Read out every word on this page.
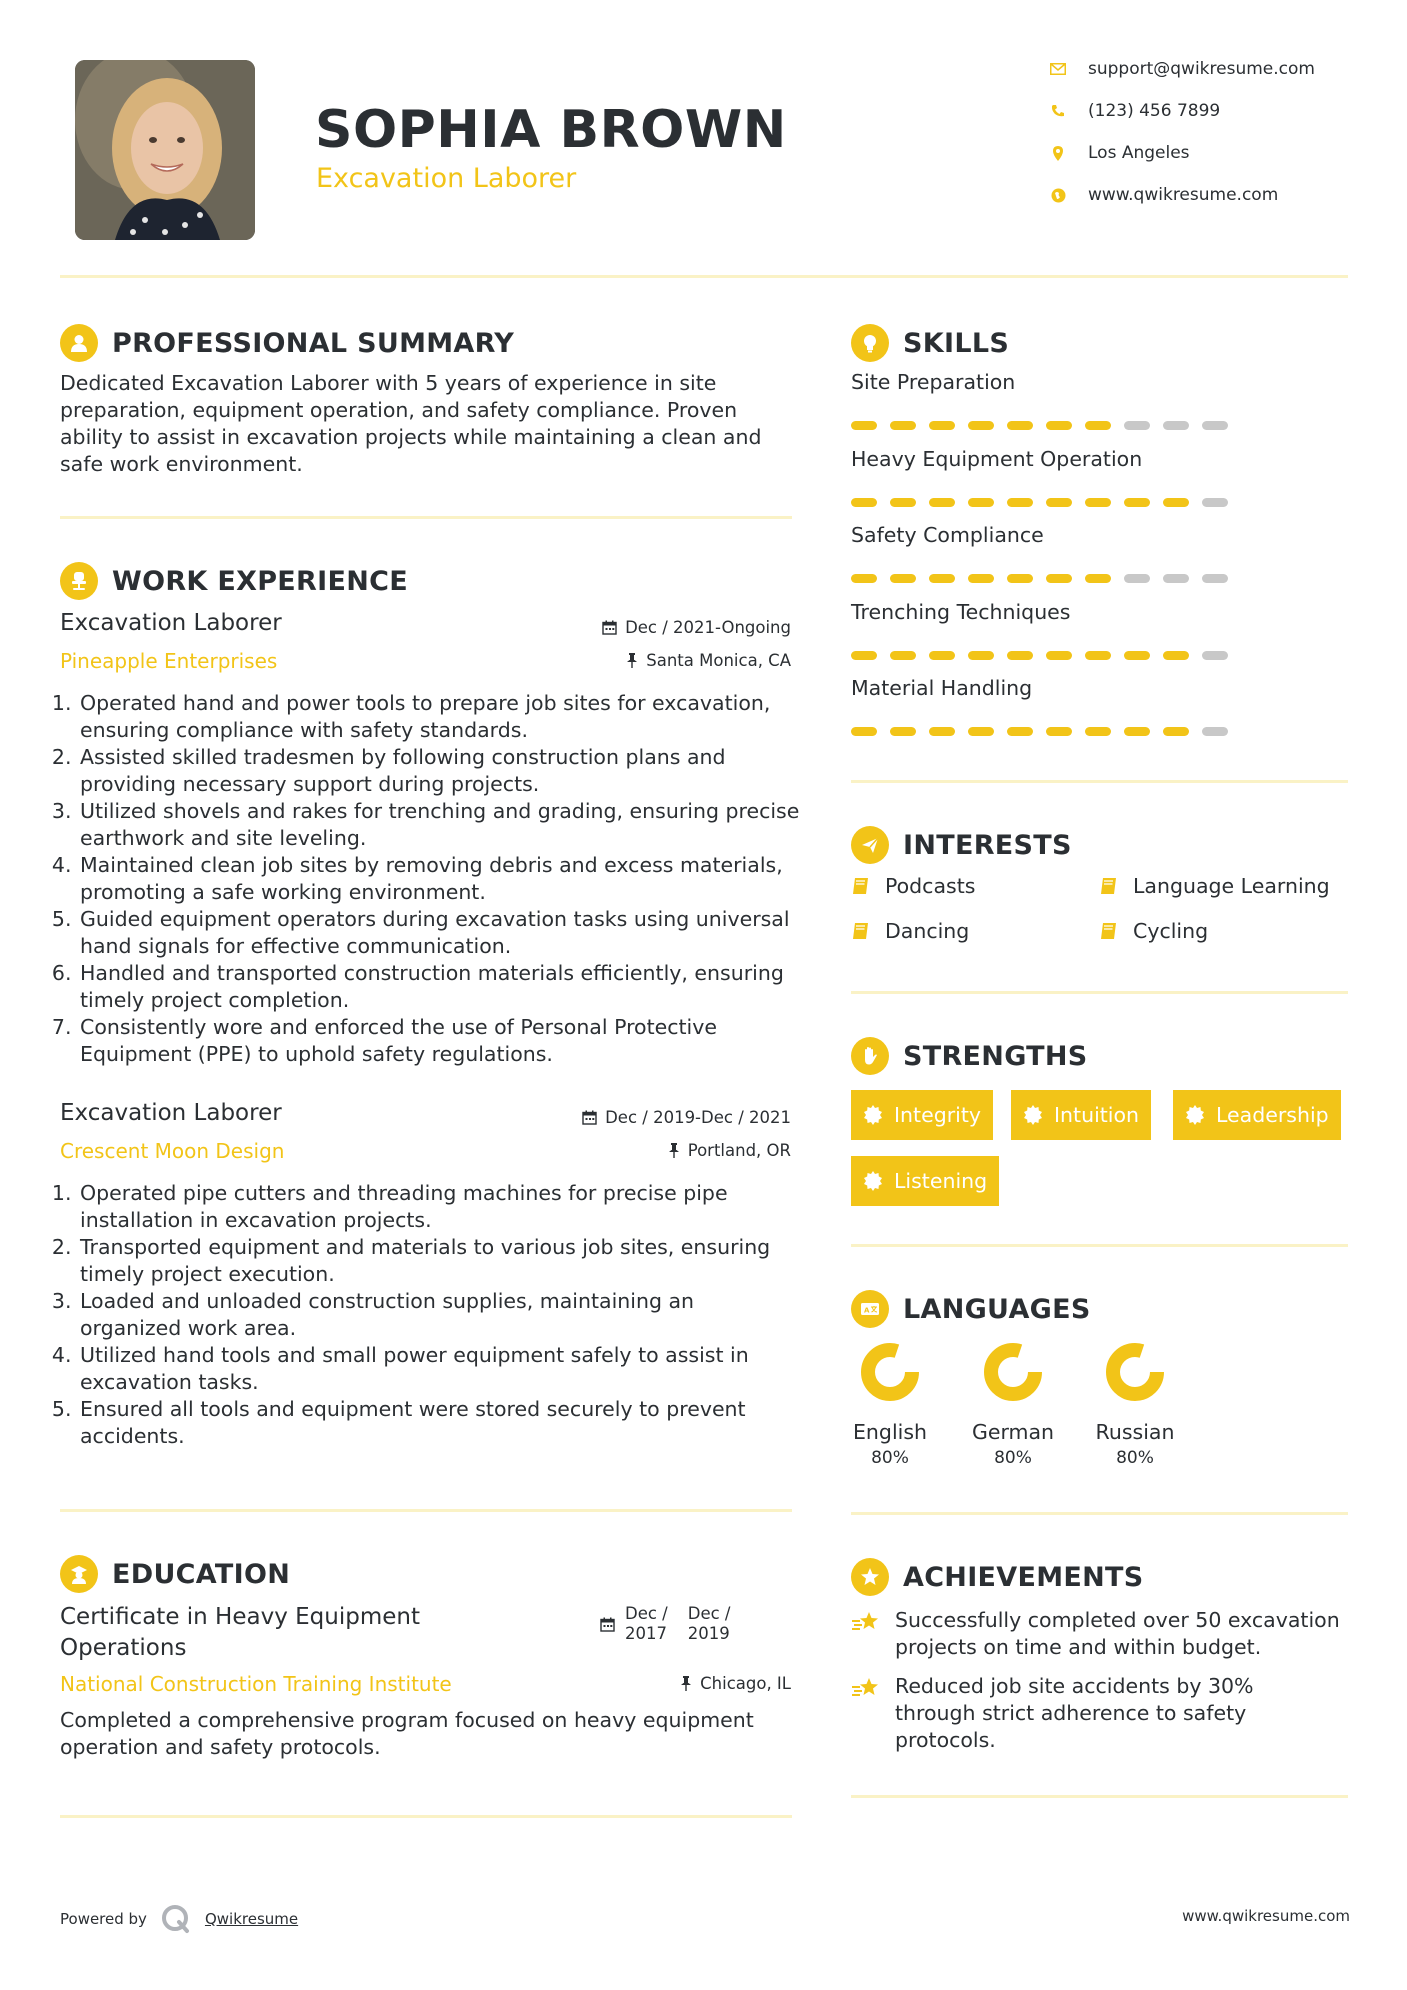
SOPHIA BROWN
Excavation Laborer
support@qwikresume.com
(123) 456 7899
Los Angeles
www.qwikresume.com
PROFESSIONAL SUMMARY
Dedicated Excavation Laborer with 5 years of experience in site preparation, equipment operation, and safety compliance. Proven ability to assist in excavation projects while maintaining a clean and safe work environment.
WORK EXPERIENCE
Excavation Laborer
Pineapple Enterprises
Dec / 2021-Ongoing
Santa Monica, CA
1. Operated hand and power tools to prepare job sites for excavation, ensuring compliance with safety standards.
2. Assisted skilled tradesmen by following construction plans and providing necessary support during projects.
3. Utilized shovels and rakes for trenching and grading, ensuring precise earthwork and site leveling.
4. Maintained clean job sites by removing debris and excess materials, promoting a safe working environment.
5. Guided equipment operators during excavation tasks using universal hand signals for effective communication.
6. Handled and transported construction materials efficiently, ensuring timely project completion.
7. Consistently wore and enforced the use of Personal Protective Equipment (PPE) to uphold safety regulations.
Excavation Laborer
Crescent Moon Design
Dec / 2019-Dec / 2021
Portland, OR
1. Operated pipe cutters and threading machines for precise pipe installation in excavation projects.
2. Transported equipment and materials to various job sites, ensuring timely project execution.
3. Loaded and unloaded construction supplies, maintaining an organized work area.
4. Utilized hand tools and small power equipment safely to assist in excavation tasks.
5. Ensured all tools and equipment were stored securely to prevent accidents.
EDUCATION
Certificate in Heavy Equipment
Operations
National Construction Training Institute
Dec /
2017
Dec /
2019
Chicago, IL
Completed a comprehensive program focused on heavy equipment operation and safety protocols.
SKILLS
Site Preparation
Heavy Equipment Operation
Safety Compliance
Trenching Techniques
Material Handling
INTERESTS
Podcasts	Language Learning
Dancing	Cycling
STRENGTHS
Integrity	Intuition	Leadership
Listening
A LANGUAGES
English
80%
German
80%
Russian
80%
ACHIEVEMENTS
Successfully completed over 50 excavation projects on time and within budget.
Reduced job site accidents by 30% through strict adherence to safety protocols.
Powered by	Qwikresume	www.qwikresume.com
